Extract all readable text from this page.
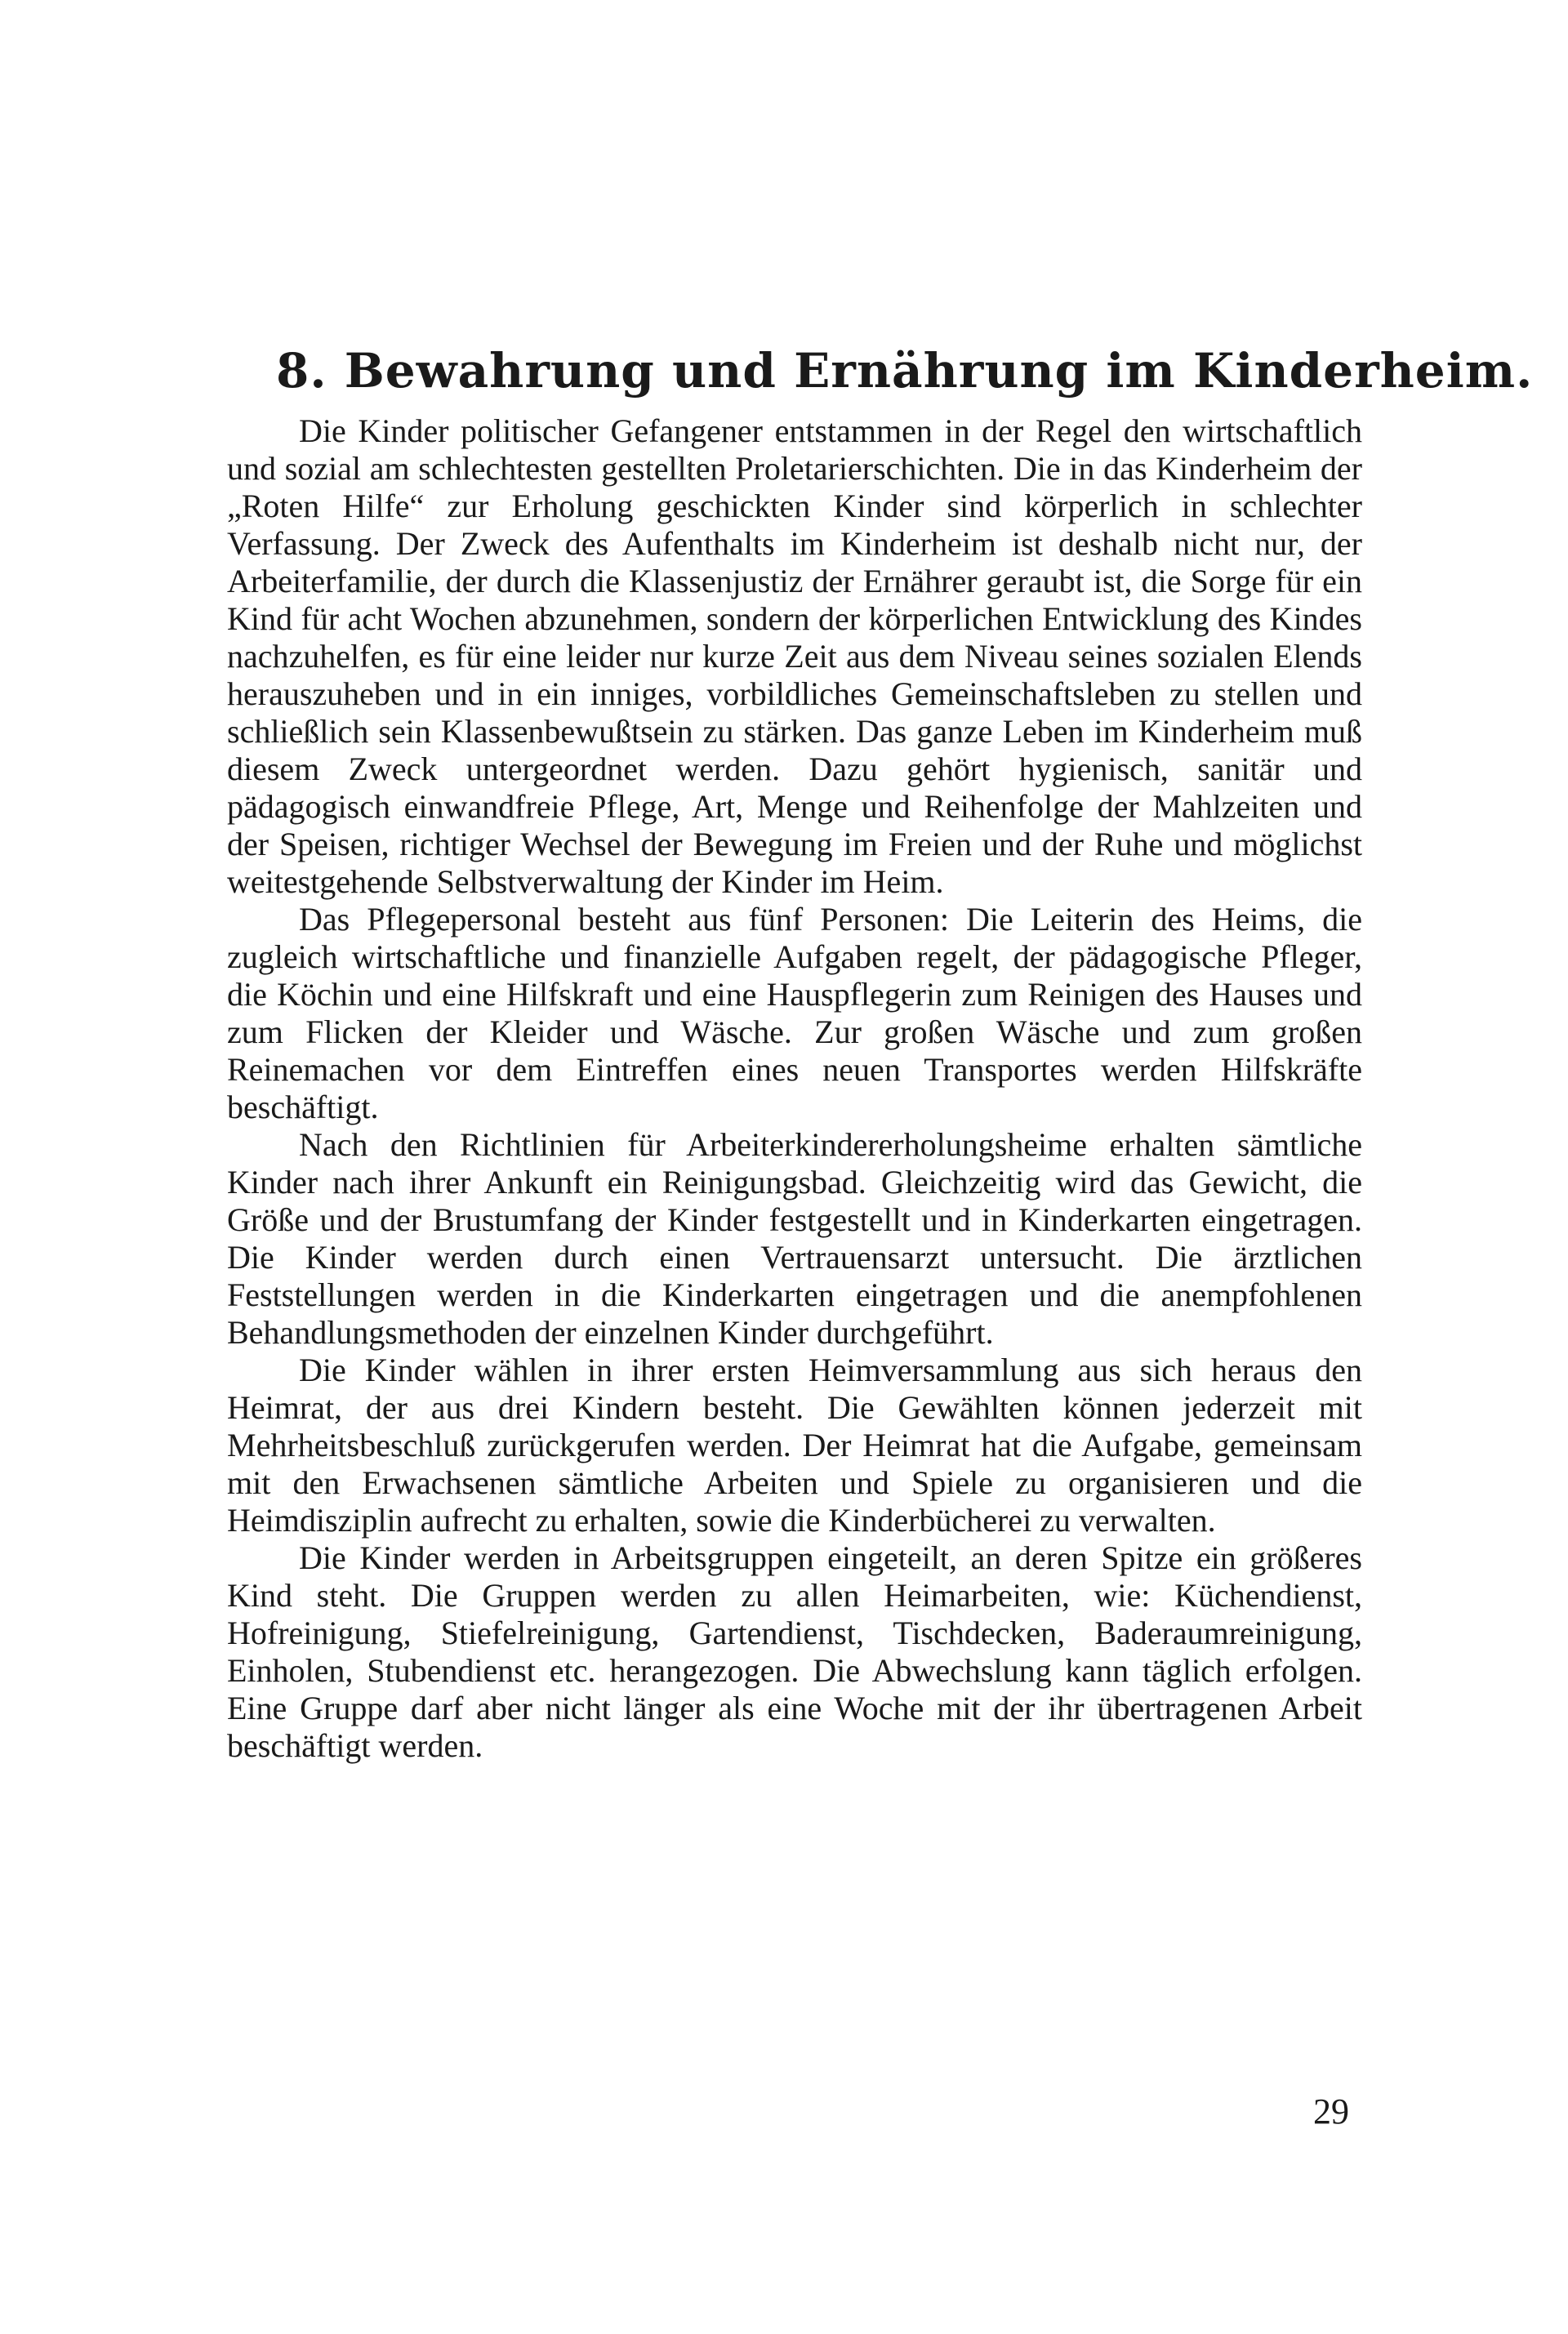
8. Bewahrung und Ernährung im Kinderheim.

Die Kinder politischer Gefangener entstammen in der Regel den wirtschaftlich und sozial am schlechtesten gestellten Proletarierschichten. Die in das Kinderheim der „Roten Hilfe“ zur Erholung geschickten Kinder sind körperlich in schlechter Verfassung. Der Zweck des Aufenthalts im Kinderheim ist deshalb nicht nur, der Arbeiterfamilie, der durch die Klassenjustiz der Ernährer geraubt ist, die Sorge für ein Kind für acht Wochen abzunehmen, sondern der körperlichen Entwicklung des Kindes nachzuhelfen, es für eine leider nur kurze Zeit aus dem Niveau seines sozialen Elends herauszuheben und in ein inniges, vorbildliches Gemeinschaftsleben zu stellen und schließlich sein Klassenbewußtsein zu stärken. Das ganze Leben im Kinderheim muß diesem Zweck untergeordnet werden. Dazu gehört hygienisch, sanitär und pädagogisch einwandfreie Pflege, Art, Menge und Reihenfolge der Mahlzeiten und der Speisen, richtiger Wechsel der Bewegung im Freien und der Ruhe und möglichst weitestgehende Selbstverwaltung der Kinder im Heim.

Das Pflegepersonal besteht aus fünf Personen: Die Leiterin des Heims, die zugleich wirtschaftliche und finanzielle Aufgaben regelt, der pädagogische Pfleger, die Köchin und eine Hilfskraft und eine Hauspflegerin zum Reinigen des Hauses und zum Flicken der Kleider und Wäsche. Zur großen Wäsche und zum großen Reinemachen vor dem Eintreffen eines neuen Transportes werden Hilfskräfte beschäftigt.

Nach den Richtlinien für Arbeiterkindererholungsheime erhalten sämtliche Kinder nach ihrer Ankunft ein Reinigungsbad. Gleichzeitig wird das Gewicht, die Größe und der Brustumfang der Kinder festgestellt und in Kinderkarten eingetragen. Die Kinder werden durch einen Vertrauensarzt untersucht. Die ärztlichen Feststellungen werden in die Kinderkarten eingetragen und die anempfohlenen Behandlungsmethoden der einzelnen Kinder durchgeführt.

Die Kinder wählen in ihrer ersten Heimversammlung aus sich heraus den Heimrat, der aus drei Kindern besteht. Die Gewählten können jederzeit mit Mehrheitsbeschluß zurückgerufen werden. Der Heimrat hat die Aufgabe, gemeinsam mit den Erwachsenen sämtliche Arbeiten und Spiele zu organisieren und die Heimdisziplin aufrecht zu erhalten, sowie die Kinderbücherei zu verwalten.

Die Kinder werden in Arbeitsgruppen eingeteilt, an deren Spitze ein größeres Kind steht. Die Gruppen werden zu allen Heimarbeiten, wie: Küchendienst, Hofreinigung, Stiefelreinigung, Gartendienst, Tischdecken, Baderaumreinigung, Einholen, Stubendienst etc. herangezogen. Die Abwechslung kann täglich erfolgen. Eine Gruppe darf aber nicht länger als eine Woche mit der ihr übertragenen Arbeit beschäftigt werden.

29
